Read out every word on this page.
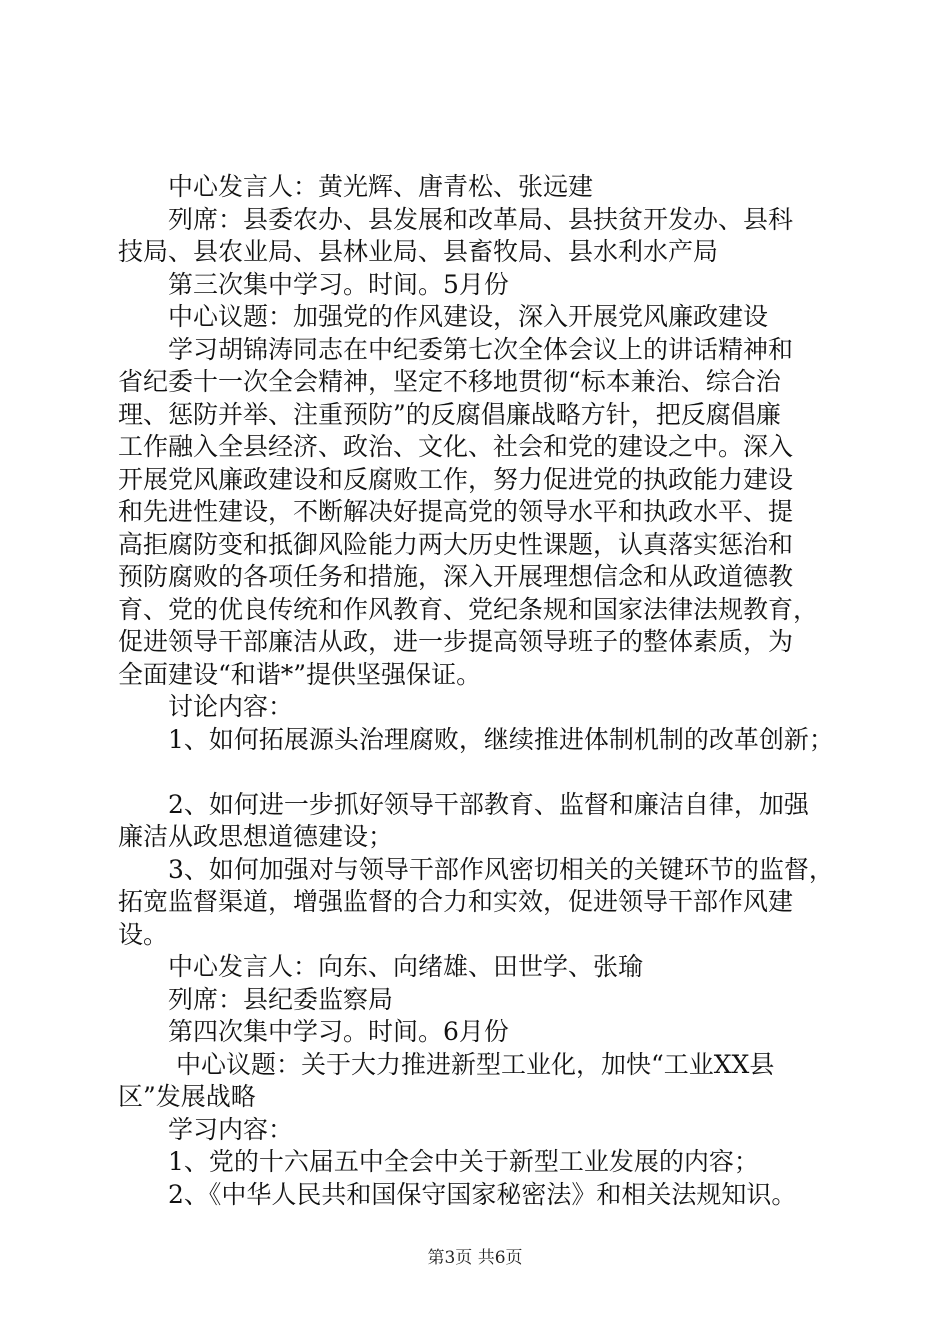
　　中心发言人：黄光辉、唐青松、张远建
　　列席：县委农办、县发展和改革局、县扶贫开发办、县科
技局、县农业局、县林业局、县畜牧局、县水利水产局
　　第三次集中学习。时间。5月份
　　中心议题：加强党的作风建设，深入开展党风廉政建设
　　学习胡锦涛同志在中纪委第七次全体会议上的讲话精神和
省纪委十一次全会精神，坚定不移地贯彻“标本兼治、综合治
理、惩防并举、注重预防”的反腐倡廉战略方针，把反腐倡廉
工作融入全县经济、政治、文化、社会和党的建设之中。深入
开展党风廉政建设和反腐败工作，努力促进党的执政能力建设
和先进性建设，不断解决好提高党的领导水平和执政水平、提
高拒腐防变和抵御风险能力两大历史性课题，认真落实惩治和
预防腐败的各项任务和措施，深入开展理想信念和从政道德教
育、党的优良传统和作风教育、党纪条规和国家法律法规教育，
促进领导干部廉洁从政，进一步提高领导班子的整体素质，为
全面建设“和谐*”提供坚强保证。
　　讨论内容：
　　1、如何拓展源头治理腐败，继续推进体制机制的改革创新；
　　2、如何进一步抓好领导干部教育、监督和廉洁自律，加强
廉洁从政思想道德建设；
　　3、如何加强对与领导干部作风密切相关的关键环节的监督，
拓宽监督渠道，增强监督的合力和实效，促进领导干部作风建
设。
　　中心发言人：向东、向绪雄、田世学、张瑜
　　列席：县纪委监察局
　　第四次集中学习。时间。6月份
　　 中心议题：关于大力推进新型工业化，加快“工业XX县
区”发展战略
　　学习内容：
　　1、党的十六届五中全会中关于新型工业发展的内容；
　　2、《中华人民共和国保守国家秘密法》和相关法规知识。
第3页 共6页
